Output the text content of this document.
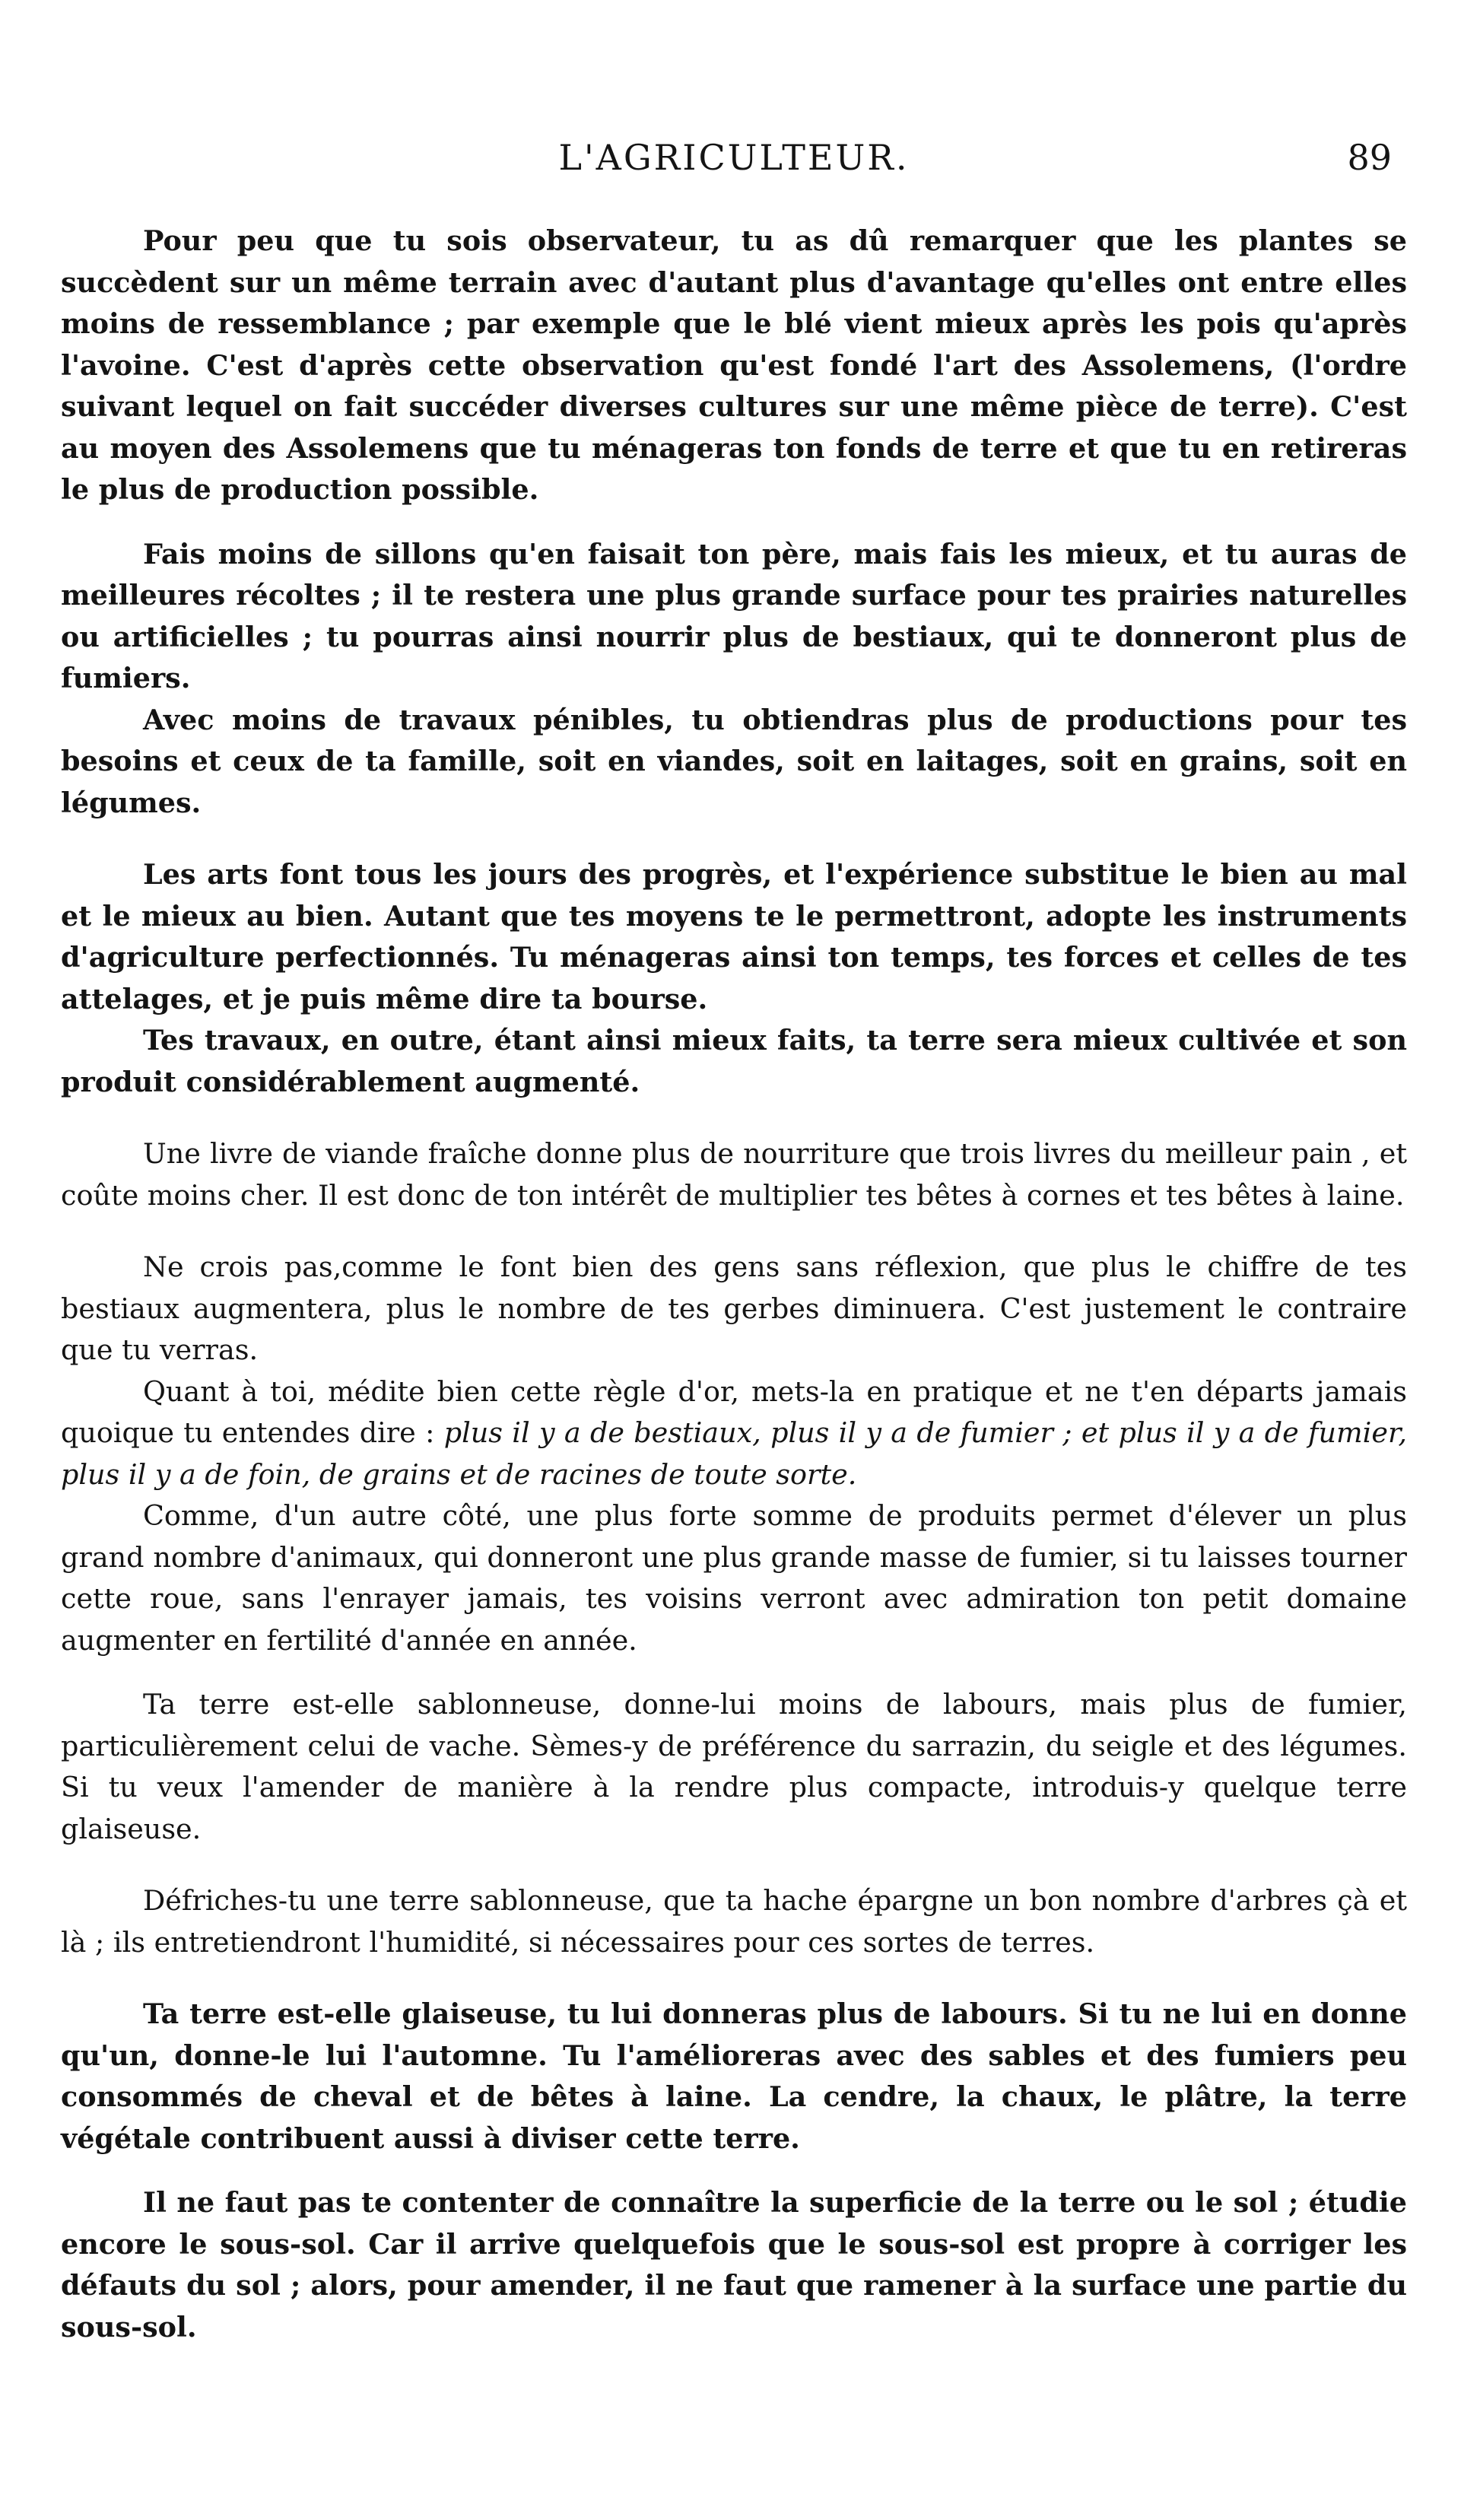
L'AGRICULTEUR.	89

Pour peu que tu sois observateur, tu as dû remarquer que les plantes se succèdent sur un même terrain avec d'autant plus d'avantage qu'elles ont entre elles moins de ressemblance ; par exemple que le blé vient mieux après les pois qu'après l'avoine. C'est d'après cette observation qu'est fondé l'art des Assolemens, (l'ordre suivant lequel on fait succéder diverses cultures sur une même pièce de terre). C'est au moyen des Assolemens que tu ménageras ton fonds de terre et que tu en retireras le plus de production possible.

Fais moins de sillons qu'en faisait ton père, mais fais les mieux, et tu auras de meilleures récoltes ; il te restera une plus grande surface pour tes prairies naturelles ou artificielles ; tu pourras ainsi nourrir plus de bestiaux, qui te donneront plus de fumiers.

Avec moins de travaux pénibles, tu obtiendras plus de productions pour tes besoins et ceux de ta famille, soit en viandes, soit en laitages, soit en grains, soit en légumes.

Les arts font tous les jours des progrès, et l'expérience substitue le bien au mal et le mieux au bien. Autant que tes moyens te le permettront, adopte les instruments d'agriculture perfectionnés. Tu ménageras ainsi ton temps, tes forces et celles de tes attelages, et je puis même dire ta bourse.

Tes travaux, en outre, étant ainsi mieux faits, ta terre sera mieux cultivée et son produit considérablement augmenté.

Une livre de viande fraîche donne plus de nourriture que trois livres du meilleur pain , et coûte moins cher. Il est donc de ton intérêt de multiplier tes bêtes à cornes et tes bêtes à laine.

Ne crois pas,comme le font bien des gens sans réflexion, que plus le chiffre de tes bestiaux augmentera, plus le nombre de tes gerbes diminuera. C'est justement le contraire que tu verras.

Quant à toi, médite bien cette règle d'or, mets-la en pratique et ne t'en départs jamais quoique tu entendes dire : plus il y a de bestiaux, plus il y a de fumier ; et plus il y a de fumier, plus il y a de foin, de grains et de racines de toute sorte.

Comme, d'un autre côté, une plus forte somme de produits permet d'élever un plus grand nombre d'animaux, qui donneront une plus grande masse de fumier, si tu laisses tourner cette roue, sans l'enrayer jamais, tes voisins verront avec admiration ton petit domaine augmenter en fertilité d'année en année.

Ta terre est-elle sablonneuse, donne-lui moins de labours, mais plus de fumier, particulièrement celui de vache. Sèmes-y de préférence du sarrazin, du seigle et des légumes. Si tu veux l'amender de manière à la rendre plus compacte, introduis-y quelque terre glaiseuse.

Défriches-tu une terre sablonneuse, que ta hache épargne un bon nombre d'arbres çà et là ; ils entretiendront l'humidité, si nécessaires pour ces sortes de terres.

Ta terre est-elle glaiseuse, tu lui donneras plus de labours. Si tu ne lui en donne qu'un, donne-le lui l'automne. Tu l'amélioreras avec des sables et des fumiers peu consommés de cheval et de bêtes à laine. La cendre, la chaux, le plâtre, la terre végétale contribuent aussi à diviser cette terre.

Il ne faut pas te contenter de connaître la superficie de la terre ou le sol ; étudie encore le sous-sol. Car il arrive quelquefois que le sous-sol est propre à corriger les défauts du sol ; alors, pour amender, il ne faut que ramener à la surface une partie du sous-sol.
